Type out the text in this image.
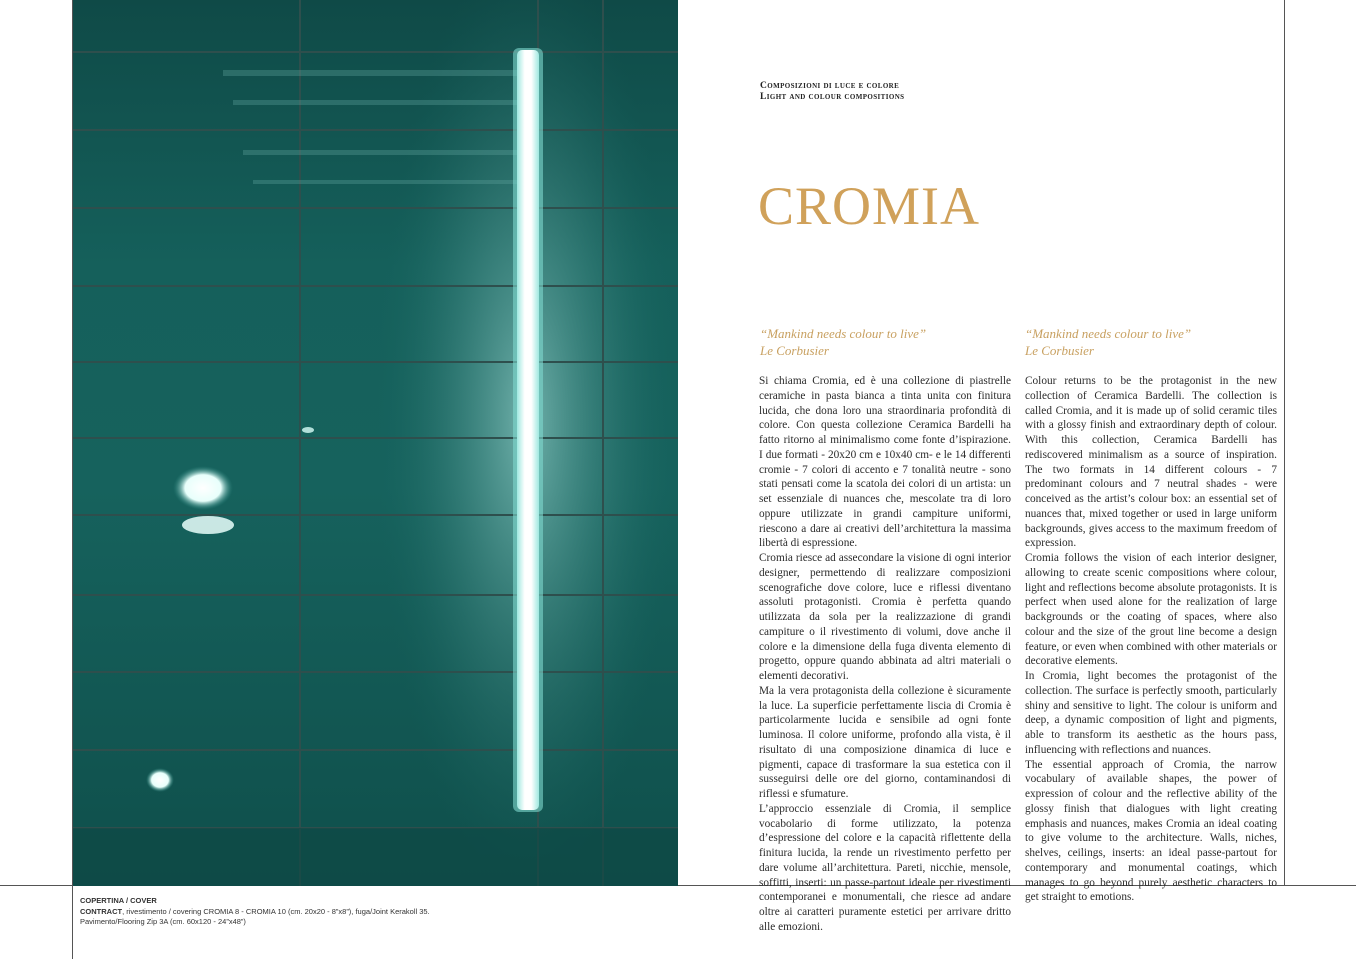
Composizioni di luce e colore
Light and colour compositions
CROMIA
“Mankind needs colour to live”
Le Corbusier
“Mankind needs colour to live”
Le Corbusier

Si chiama Cromia, ed è una collezione di piastrelle ceramiche in pasta bianca a tinta unita con finitura lucida, che dona loro una straordinaria profondità di colore. Con questa collezione Ceramica Bardelli ha fatto ritorno al minimalismo come fonte d’ispirazione. I due formati - 20x20 cm e 10x40 cm- e le 14 differenti cromie - 7 colori di accento e 7 tonalità neutre - sono stati pensati come la scatola dei colori di un artista: un set essenziale di nuances che, mescolate tra di loro oppure utilizzate in grandi campiture uniformi, riescono a dare ai creativi dell’architettura la massima libertà di espressione.

Cromia riesce ad assecondare la visione di ogni interior designer, permettendo di realizzare composizioni scenografiche dove colore, luce e riflessi diventano assoluti protagonisti. Cromia è perfetta quando utilizzata da sola per la realizzazione di grandi campiture o il rivestimento di volumi, dove anche il colore e la dimensione della fuga diventa elemento di progetto, oppure quando abbinata ad altri materiali o elementi decorativi.

Ma la vera protagonista della collezione è sicuramente la luce. La superficie perfettamente liscia di Cromia è particolarmente lucida e sensibile ad ogni fonte luminosa. Il colore uniforme, profondo alla vista, è il risultato di una composizione dinamica di luce e pigmenti, capace di trasformare la sua estetica con il susseguirsi delle ore del giorno, contaminandosi di riflessi e sfumature.

L’approccio essenziale di Cromia, il semplice vocabolario di forme utilizzato, la potenza d’espressione del colore e la capacità riflettente della finitura lucida, la rende un rivestimento perfetto per dare volume all’architettura. Pareti, nicchie, mensole, soffitti, inserti: un passe-partout ideale per rivestimenti contemporanei e monumentali, che riesce ad andare oltre ai caratteri puramente estetici per arrivare dritto alle emozioni.

Colour returns to be the protagonist in the new collection of Ceramica Bardelli. The collection is called Cromia, and it is made up of solid ceramic tiles with a glossy finish and extraordinary depth of colour. With this collection, Ceramica Bardelli has rediscovered minimalism as a source of inspiration. The two formats in 14 different colours - 7 predominant colours and 7 neutral shades - were conceived as the artist’s colour box: an essential set of nuances that, mixed together or used in large uniform backgrounds, gives access to the maximum freedom of expression.

Cromia follows the vision of each interior designer, allowing to create scenic compositions where colour, light and reflections become absolute protagonists. It is perfect when used alone for the realization of large backgrounds or the coating of spaces, where also colour and the size of the grout line become a design feature, or even when combined with other materials or decorative elements.

In Cromia, light becomes the protagonist of the collection. The surface is perfectly smooth, particularly shiny and sensitive to light. The colour is uniform and deep, a dynamic composition of light and pigments, able to transform its aesthetic as the hours pass, influencing with reflections and nuances.

The essential approach of Cromia, the narrow vocabulary of available shapes, the power of expression of colour and the reflective ability of the glossy finish that dialogues with light creating emphasis and nuances, makes Cromia an ideal coating to give volume to the architecture. Walls, niches, shelves, ceilings, inserts: an ideal passe-partout for contemporary and monumental coatings, which manages to go beyond purely aesthetic characters to get straight to emotions.

COPERTINA / COVER
CONTRACT, rivestimento / covering CROMIA 8 - CROMIA 10 (cm. 20x20 - 8”x8”), fuga/Joint Kerakoll 35.
Pavimento/Flooring Zip 3A (cm. 60x120 - 24”x48”)
